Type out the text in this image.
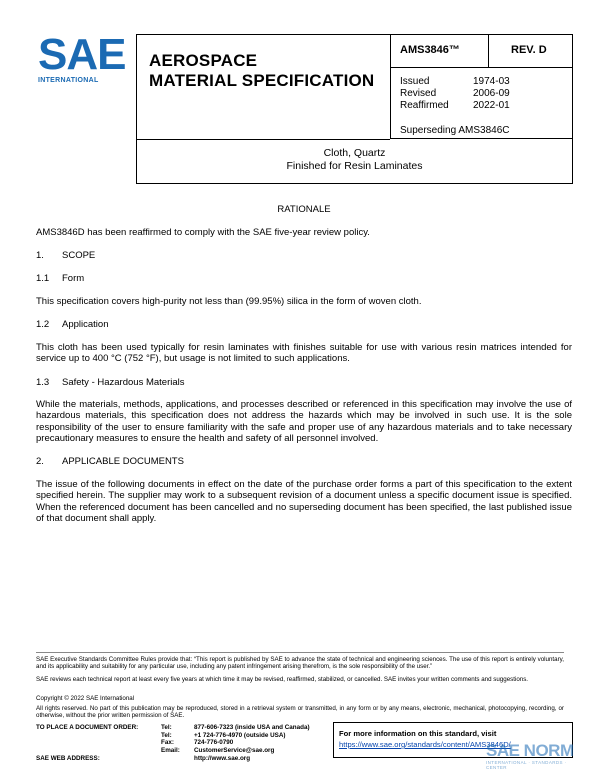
SAE
INTERNATIONAL
AEROSPACE
MATERIAL SPECIFICATION
AMS3846™	REV. D
Issued	1974-03
Revised	2006-09
Reaffirmed 2022-01
Superseding AMS3846C
Cloth, Quartz
Finished for Resin Laminates
RATIONALE
AMS3846D has been reaffirmed to comply with the SAE five-year review policy.
1. SCOPE
1.1 Form
This specification covers high-purity not less than (99.95%) silica in the form of woven cloth.
1.2 Application
This cloth has been used typically for resin laminates with finishes suitable for use with various resin matrices intended for service up to 400 °C (752 °F), but usage is not limited to such applications.
1.3 Safety - Hazardous Materials
While the materials, methods, applications, and processes described or referenced in this specification may involve the use of hazardous materials, this specification does not address the hazards which may be involved in such use. It is the sole responsibility of the user to ensure familiarity with the safe and proper use of any hazardous materials and to take necessary precautionary measures to ensure the health and safety of all personnel involved.
2. APPLICABLE DOCUMENTS
The issue of the following documents in effect on the date of the purchase order forms a part of this specification to the extent specified herein. The supplier may work to a subsequent revision of a document unless a specific document issue is specified. When the referenced document has been cancelled and no superseding document has been specified, the last published issue of that document shall apply.
SAE Executive Standards Committee Rules provide that: “This report is published by SAE to advance the state of technical and engineering sciences. The use of this report is entirely voluntary, and its applicability and suitability for any particular use, including any patent infringement arising therefrom, is the sole responsibility of the user.”
SAE reviews each technical report at least every five years at which time it may be revised, reaffirmed, stabilized, or cancelled. SAE invites your written comments and suggestions.
Copyright © 2022 SAE International
All rights reserved. No part of this publication may be reproduced, stored in a retrieval system or transmitted, in any form or by any means, electronic, mechanical, photocopying, recording, or otherwise, without the prior written permission of SAE.
TO PLACE A DOCUMENT ORDER:	Tel:	877-606-7323 (inside USA and Canada)
Tel:	+1 724-776-4970 (outside USA)
Fax:	724-776-0790
Email: CustomerService@sae.org
SAE WEB ADDRESS:	http://www.sae.org
For more information on this standard, visit
https://www.sae.org/standards/content/AMS3846D/
SAE NORM
INTERNATIONAL · STANDARDS · CENTER
